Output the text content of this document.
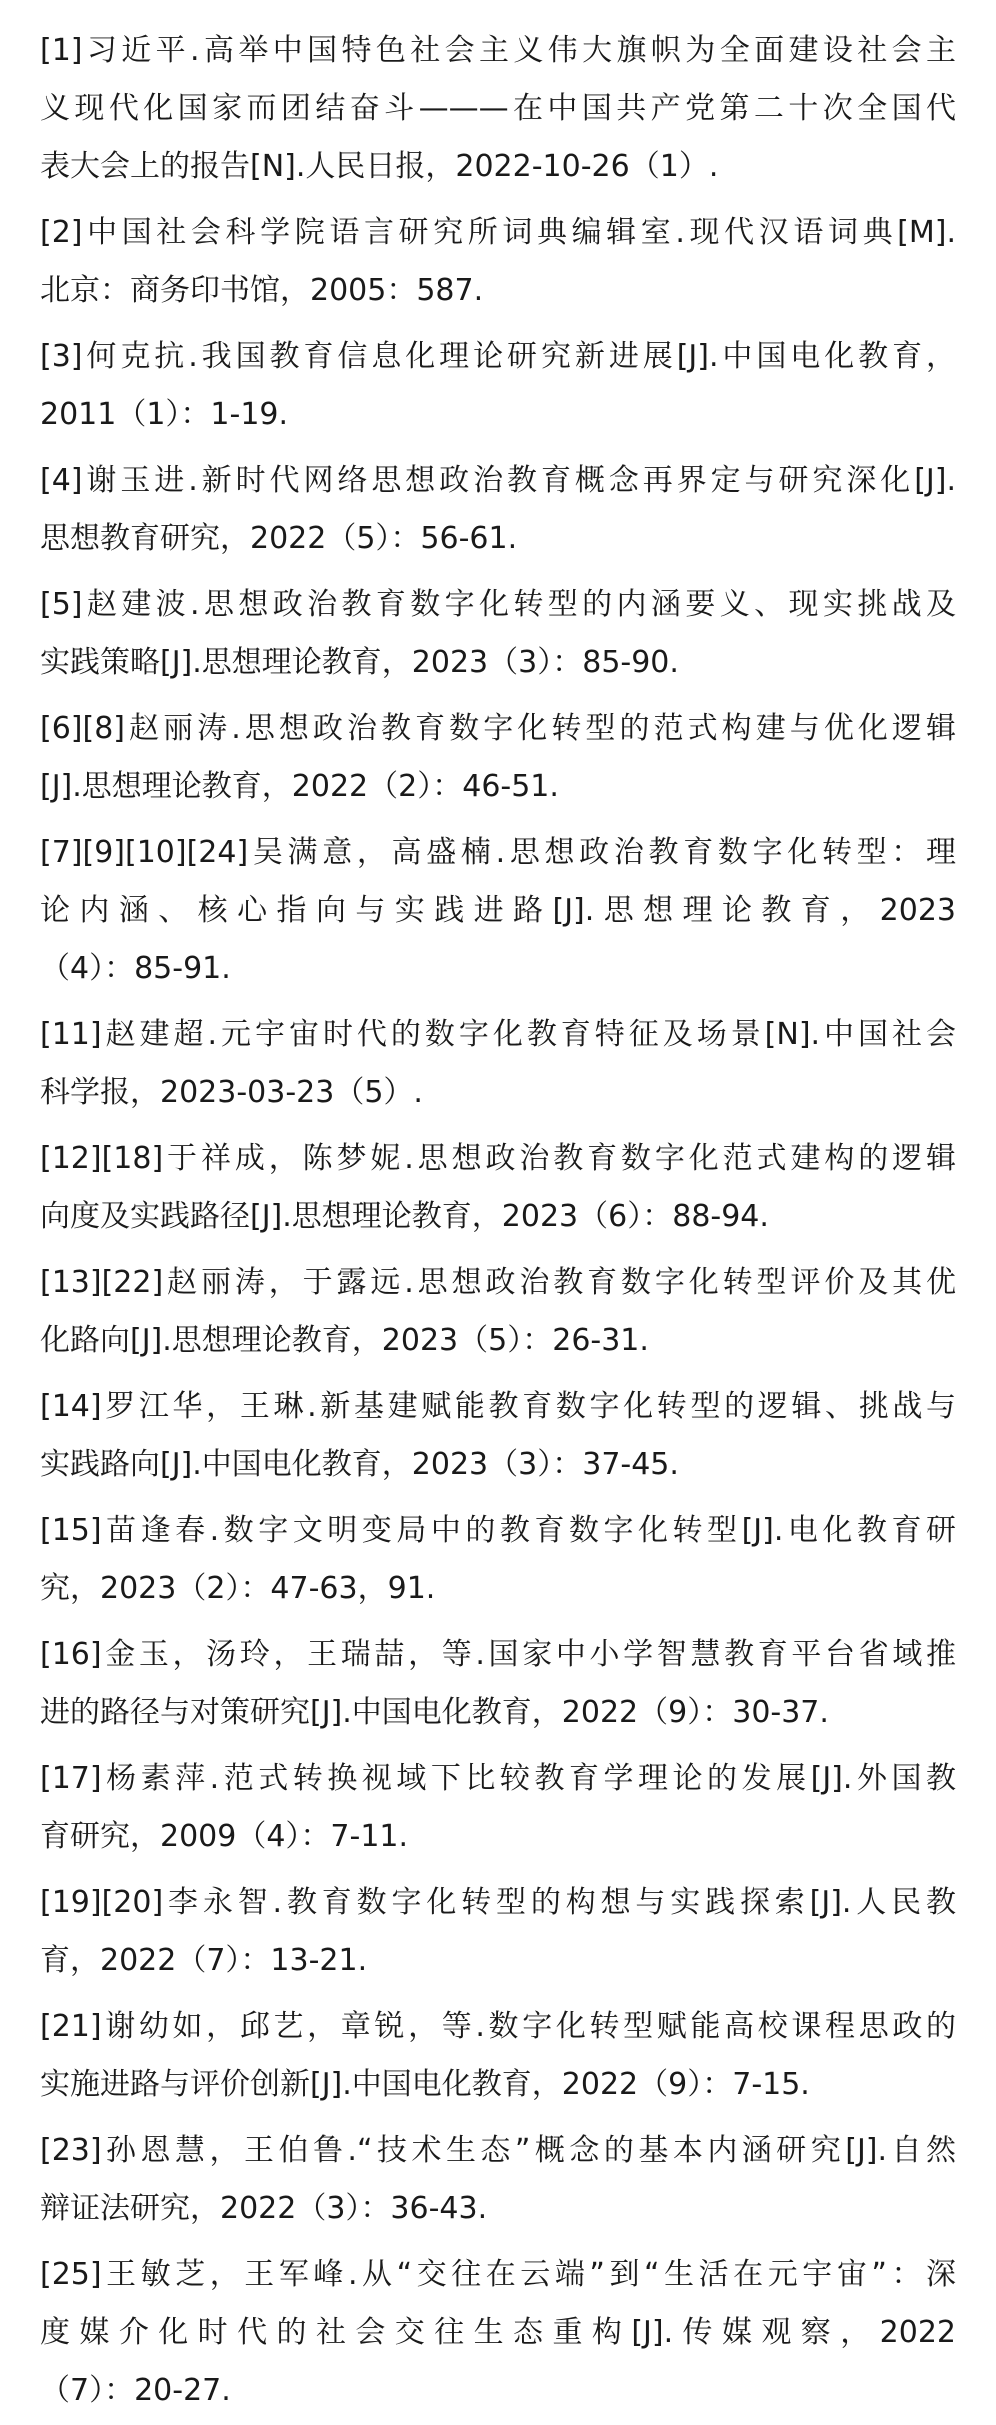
[1]习近平.高举中国特色社会主义伟大旗帜为全面建设社会主
义现代化国家而团结奋斗———在中国共产党第二十次全国代
表大会上的报告[N].人民日报，2022-10-26（1）.
[2]中国社会科学院语言研究所词典编辑室.现代汉语词典[M].
北京：商务印书馆，2005：587.
[3]何克抗.我国教育信息化理论研究新进展[J].中国电化教育，
2011（1）：1-19.
[4]谢玉进.新时代网络思想政治教育概念再界定与研究深化[J].
思想教育研究，2022（5）：56-61.
[5]赵建波.思想政治教育数字化转型的内涵要义、现实挑战及
实践策略[J].思想理论教育，2023（3）：85-90.
[6][8]赵丽涛.思想政治教育数字化转型的范式构建与优化逻辑
[J].思想理论教育，2022（2）：46-51.
[7][9][10][24]吴满意，高盛楠.思想政治教育数字化转型：理
论内涵、核心指向与实践进路[J].思想理论教育，2023
（4）：85-91.
[11]赵建超.元宇宙时代的数字化教育特征及场景[N].中国社会
科学报，2023-03-23（5）.
[12][18]于祥成，陈梦妮.思想政治教育数字化范式建构的逻辑
向度及实践路径[J].思想理论教育，2023（6）：88-94.
[13][22]赵丽涛，于露远.思想政治教育数字化转型评价及其优
化路向[J].思想理论教育，2023（5）：26-31.
[14]罗江华，王琳.新基建赋能教育数字化转型的逻辑、挑战与
实践路向[J].中国电化教育，2023（3）：37-45.
[15]苗逢春.数字文明变局中的教育数字化转型[J].电化教育研
究，2023（2）：47-63，91.
[16]金玉，汤玲，王瑞喆，等.国家中小学智慧教育平台省域推
进的路径与对策研究[J].中国电化教育，2022（9）：30-37.
[17]杨素萍.范式转换视域下比较教育学理论的发展[J].外国教
育研究，2009（4）：7-11.
[19][20]李永智.教育数字化转型的构想与实践探索[J].人民教
育，2022（7）：13-21.
[21]谢幼如，邱艺，章锐，等.数字化转型赋能高校课程思政的
实施进路与评价创新[J].中国电化教育，2022（9）：7-15.
[23]孙恩慧，王伯鲁.“技术生态”概念的基本内涵研究[J].自然
辩证法研究，2022（3）：36-43.
[25]王敏芝，王军峰.从“交往在云端”到“生活在元宇宙”：深
度媒介化时代的社会交往生态重构[J].传媒观察，2022
（7）：20-27.
